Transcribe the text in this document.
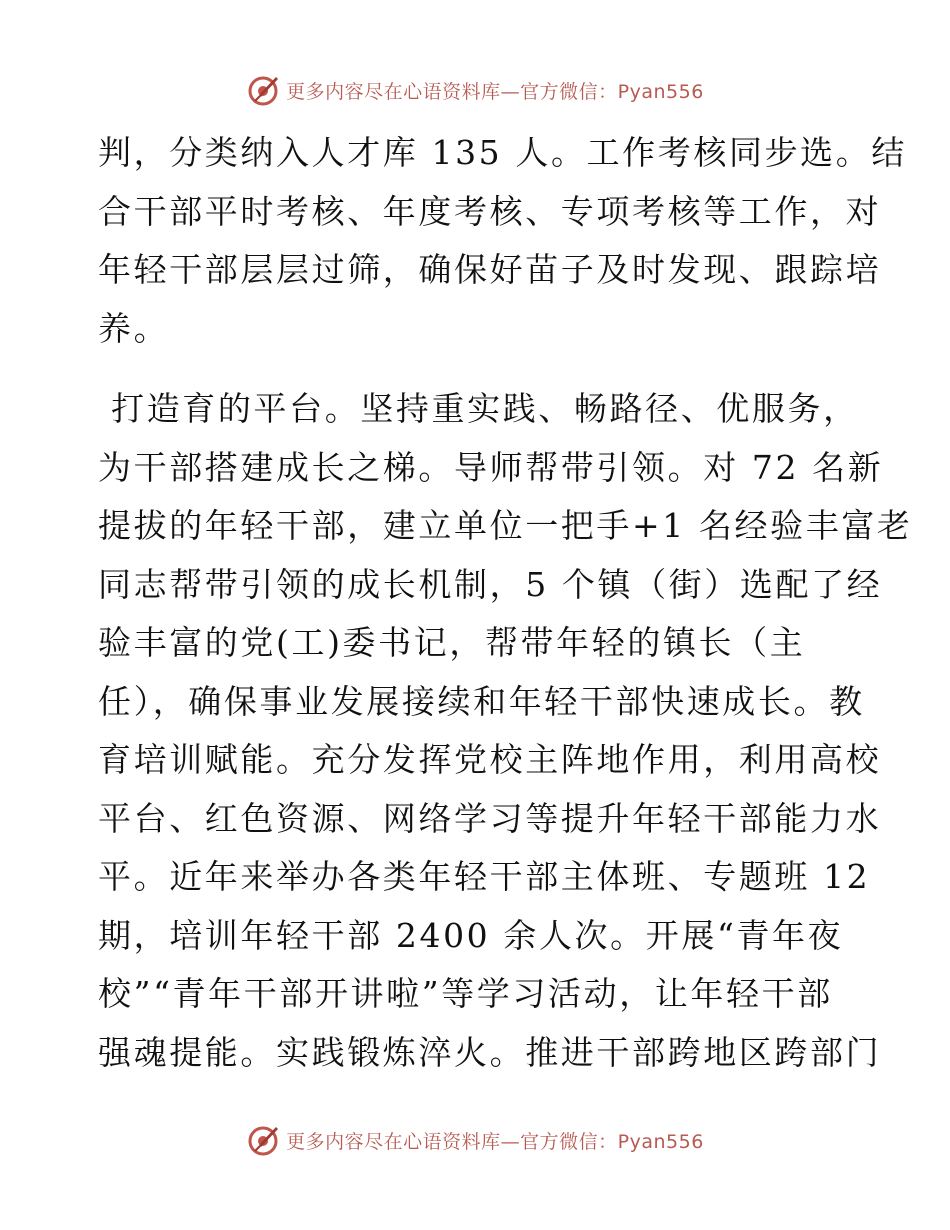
更多内容尽在心语资料库—官方微信：Pyan556
判，分类纳入人才库 135 人。工作考核同步选。结
合干部平时考核、年度考核、专项考核等工作，对
年轻干部层层过筛，确保好苗子及时发现、跟踪培
养。
打造育的平台。坚持重实践、畅路径、优服务，
为干部搭建成长之梯。导师帮带引领。对 72 名新
提拔的年轻干部，建立单位一把手+1 名经验丰富老
同志帮带引领的成长机制，5 个镇（街）选配了经
验丰富的党(工)委书记，帮带年轻的镇长（主
任），确保事业发展接续和年轻干部快速成长。教
育培训赋能。充分发挥党校主阵地作用，利用高校
平台、红色资源、网络学习等提升年轻干部能力水
平。近年来举办各类年轻干部主体班、专题班 12
期，培训年轻干部 2400 余人次。开展“青年夜
校”“青年干部开讲啦”等学习活动，让年轻干部
强魂提能。实践锻炼淬火。推进干部跨地区跨部门
更多内容尽在心语资料库—官方微信：Pyan556
